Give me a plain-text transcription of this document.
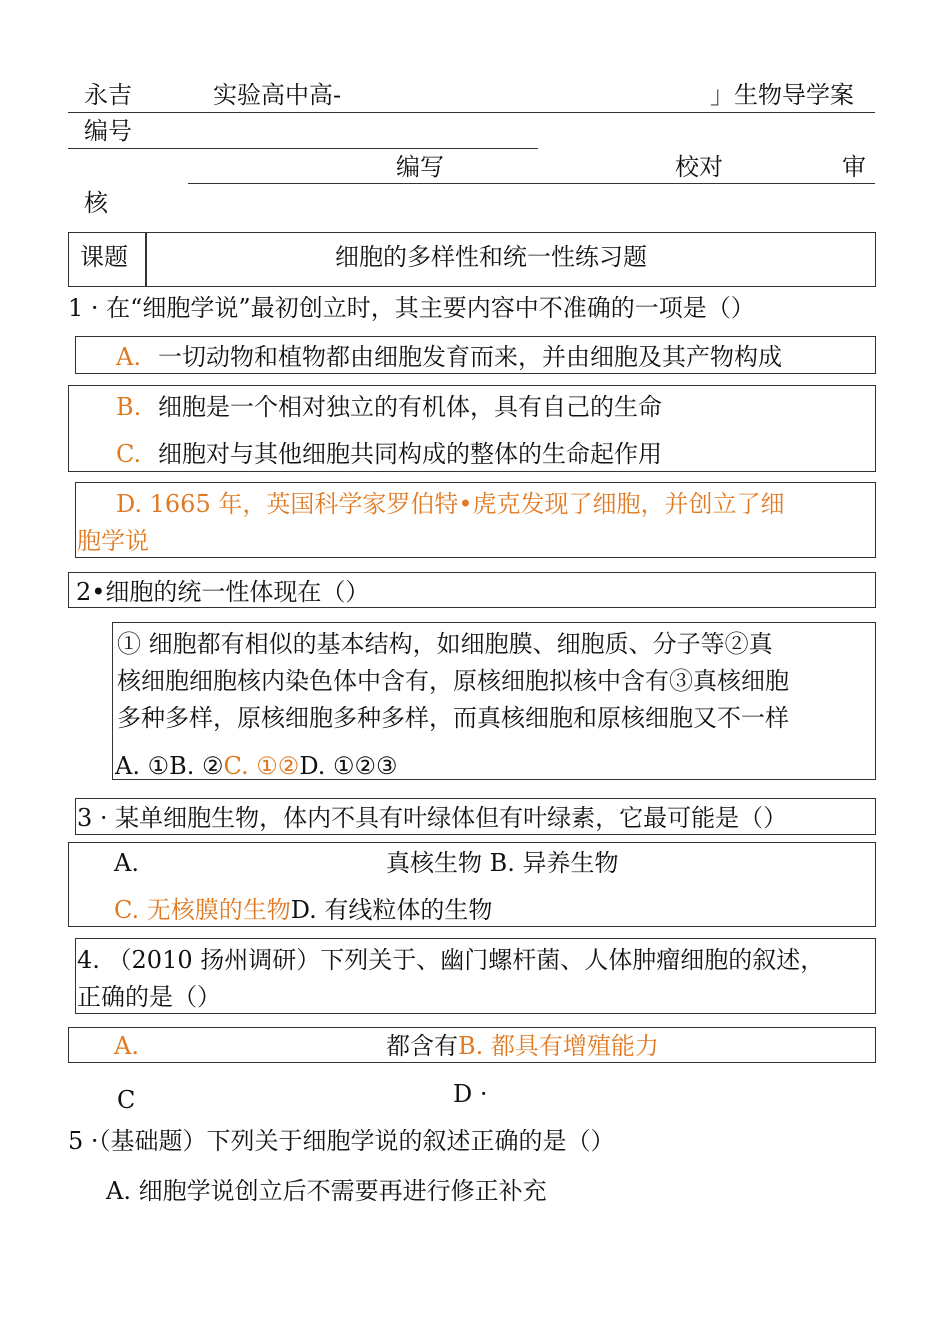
永吉	实验高中高-	」生物导学案
编号
编写	校对	审
核
课题	细胞的多样性和统一性练习题
1 · 在“细胞学说”最初创立时，其主要内容中不准确的一项是（）
A. 一切动物和植物都由细胞发育而来，并由细胞及其产物构成
B. 细胞是一个相对独立的有机体，具有自己的生命
C. 细胞对与其他细胞共同构成的整体的生命起作用
D. 1665 年，英国科学家罗伯特•虎克发现了细胞，并创立了细
胞学说
2•细胞的统一性体现在（）
① 细胞都有相似的基本结构，如细胞膜、细胞质、分子等②真
核细胞细胞核内染色体中含有，原核细胞拟核中含有③真核细胞
多种多样，原核细胞多种多样，而真核细胞和原核细胞又不一样
A. ①B. ②C. ①②D. ①②③
3 · 某单细胞生物，体内不具有叶绿体但有叶绿素，它最可能是（）
A.	真核生物 B. 异养生物
C. 无核膜的生物D. 有线粒体的生物
4. （2010 扬州调研）下列关于、幽门螺杆菌、人体肿瘤细胞的叙述，
正确的是（）
A.	都含有B. 都具有增殖能力
C	D ·
5 ·（基础题）下列关于细胞学说的叙述正确的是（）
A. 细胞学说创立后不需要再进行修正补充
